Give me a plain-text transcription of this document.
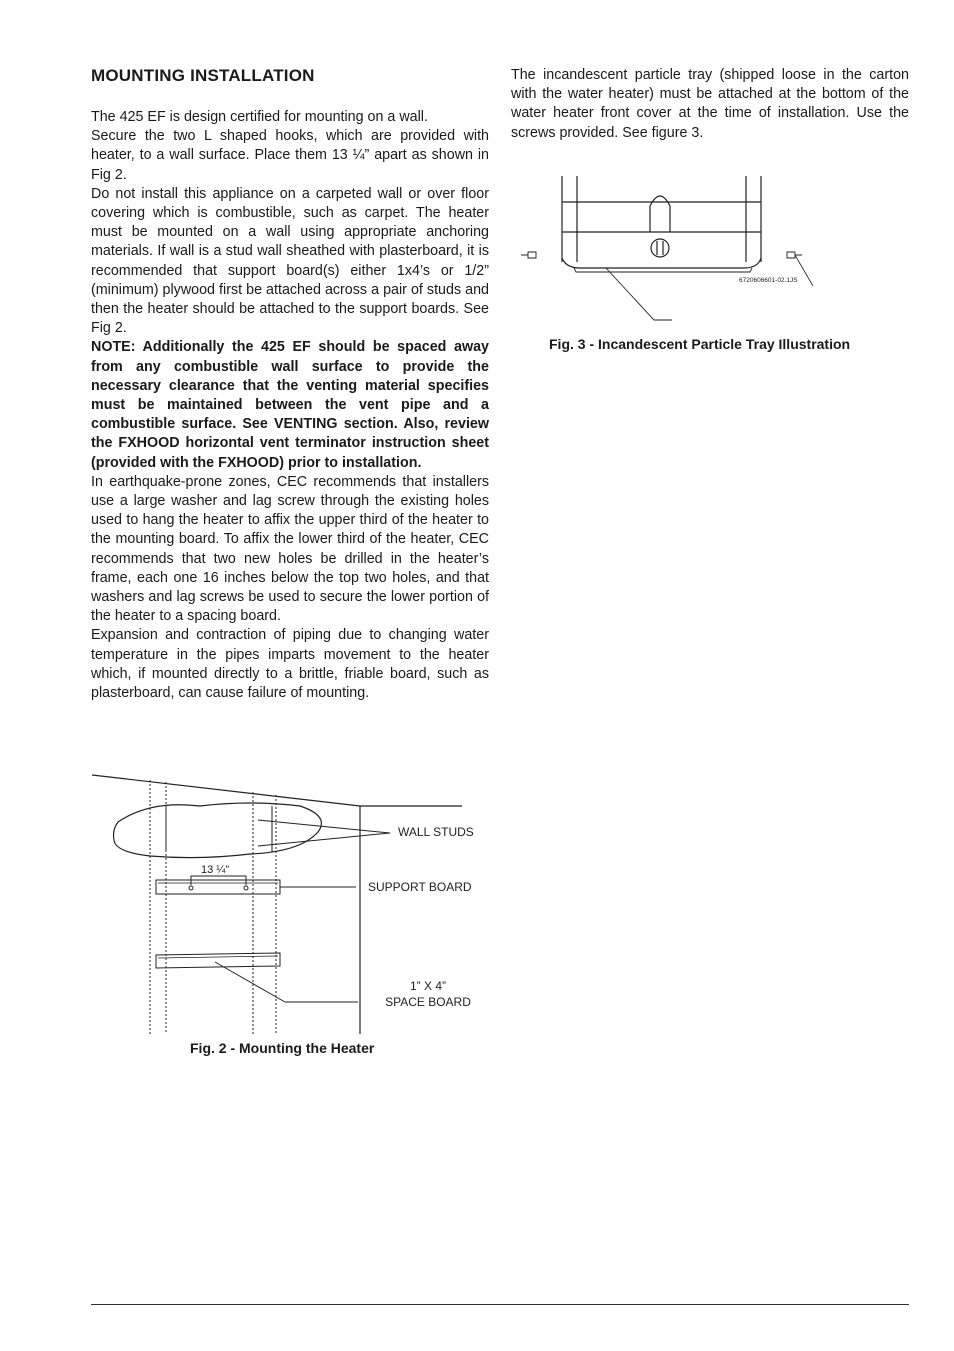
MOUNTING INSTALLATION

The 425 EF is design certified for mounting on a wall.

Secure the two L shaped hooks, which are provided with heater, to a wall surface. Place them 13 ¼” apart as shown in Fig 2.

Do not install this appliance on a carpeted wall or over floor covering which is combustible, such as carpet. The heater must be mounted on a wall using appropriate anchoring materials. If wall is a stud wall sheathed with plasterboard, it is recommended that support board(s) either 1x4’s or 1/2” (minimum) plywood first be attached across a pair of studs and then the heater should be attached to the support boards. See Fig 2.

NOTE: Additionally the 425 EF should be spaced away from any combustible wall surface to provide the necessary clearance that the venting material specifies must be maintained between the vent pipe and a combustible surface. See VENTING section. Also, review the FXHOOD horizontal vent terminator instruction sheet (provided with the FXHOOD) prior to installation.

In earthquake-prone zones, CEC recommends that installers use a large washer and lag screw through the existing holes used to hang the heater to affix the upper third of the heater to the mounting board. To affix the lower third of the heater, CEC recommends that two new holes be drilled in the heater’s frame, each one 16 inches below the top two holes, and that washers and lag screws be used to secure the lower portion of the heater to a spacing board.

Expansion and contraction of piping due to changing water temperature in the pipes imparts movement to the heater which, if mounted directly to a brittle, friable board, such as plasterboard, can cause failure of mounting.

The incandescent particle tray (shipped loose in the carton with the water heater) must be attached at the bottom of the water heater front cover at the time of installation. Use the screws provided. See figure 3.

6720606601-02.1JS
Fig. 3 - Incandescent Particle Tray Illustration
WALL STUDS
SUPPORT BOARD
13 ¼”
1” X 4”
SPACE BOARD
Fig. 2 - Mounting the Heater
